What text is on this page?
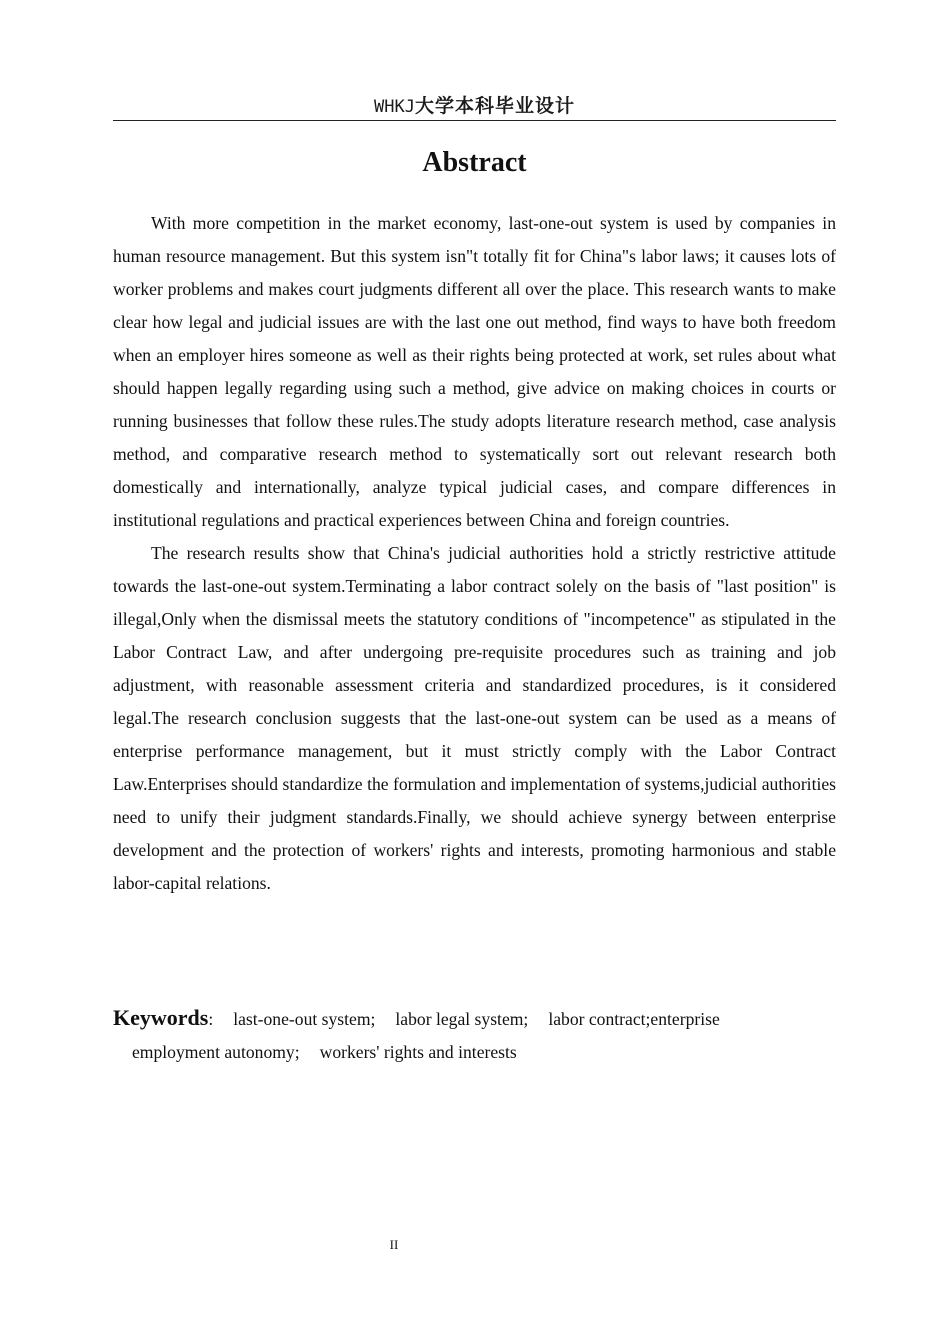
WHKJ大学本科毕业设计
Abstract

With more competition in the market economy, last-one-out system is used by companies in human resource management. But this system isn"t totally fit for China"s labor laws; it causes lots of worker problems and makes court judgments different all over the place. This research wants to make clear how legal and judicial issues are with the last one out method, find ways to have both freedom when an employer hires someone as well as their rights being protected at work, set rules about what should happen legally regarding using such a method, give advice on making choices in courts or running businesses that follow these rules.The study adopts literature research method, case analysis method, and comparative research method to systematically sort out relevant research both domestically and internationally, analyze typical judicial cases, and compare differences in institutional regulations and practical experiences between China and foreign countries.

The research results show that China's judicial authorities hold a strictly restrictive attitude towards the last-one-out system.Terminating a labor contract solely on the basis of "last position" is illegal,Only when the dismissal meets the statutory conditions of "incompetence" as stipulated in the Labor Contract Law, and after undergoing pre-requisite procedures such as training and job adjustment, with reasonable assessment criteria and standardized procedures, is it considered legal.The research conclusion suggests that the last-one-out system can be used as a means of enterprise performance management, but it must strictly comply with the Labor Contract Law.Enterprises should standardize the formulation and implementation of systems,judicial authorities need to unify their judgment standards.Finally, we should achieve synergy between enterprise development and the protection of workers' rights and interests, promoting harmonious and stable labor-capital relations.

Keywords: last-one-out system; labor legal system; labor contract;enterprise
employment autonomy; workers' rights and interests
II
